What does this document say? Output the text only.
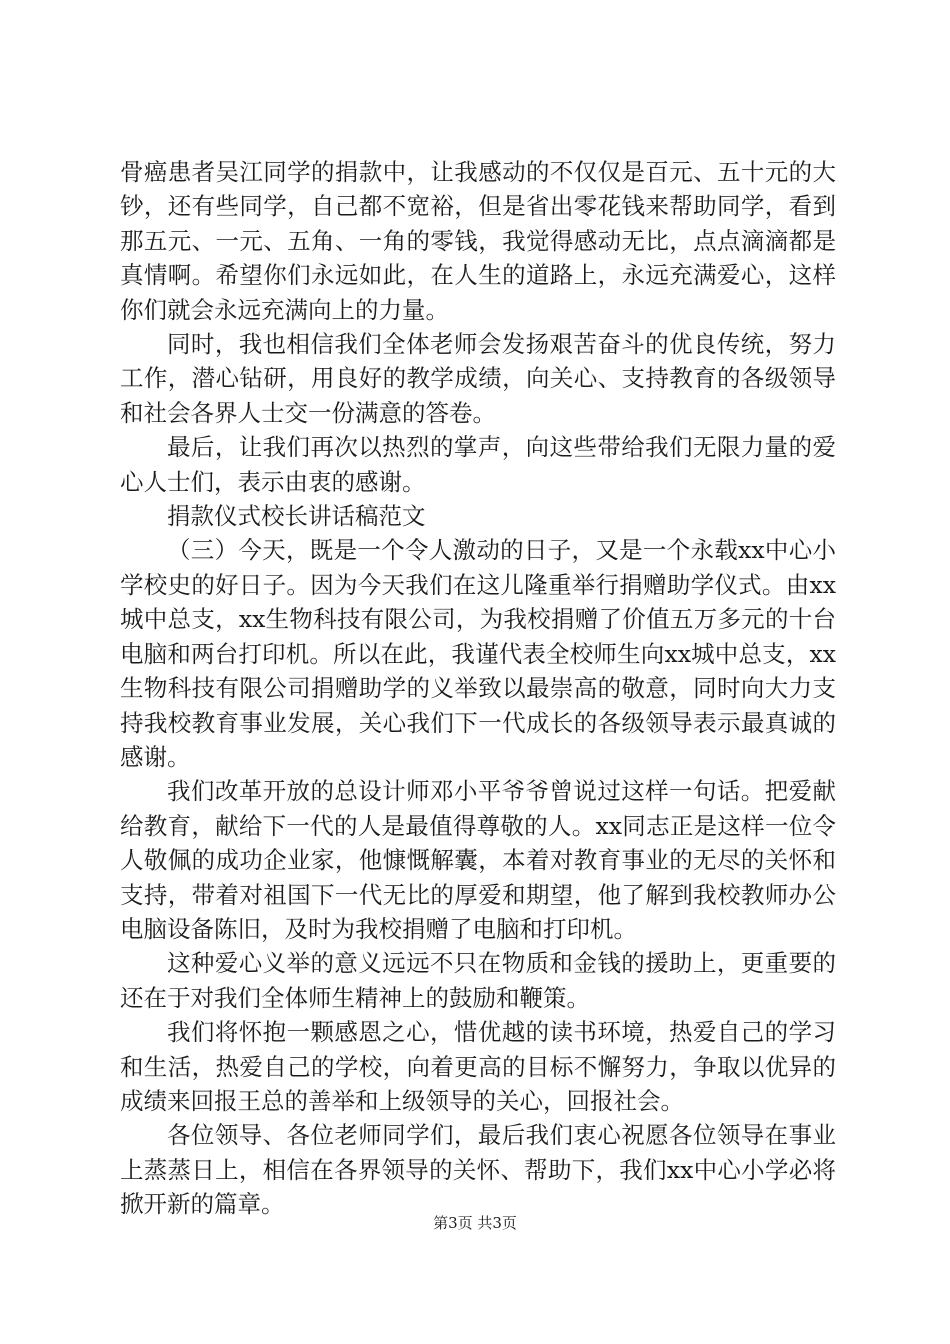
骨癌患者吴江同学的捐款中，让我感动的不仅仅是百元、五十元的大钞，还有些同学，自己都不宽裕，但是省出零花钱来帮助同学，看到那五元、一元、五角、一角的零钱，我觉得感动无比，点点滴滴都是真情啊。希望你们永远如此，在人生的道路上，永远充满爱心，这样你们就会永远充满向上的力量。

同时，我也相信我们全体老师会发扬艰苦奋斗的优良传统，努力工作，潜心钻研，用良好的教学成绩，向关心、支持教育的各级领导和社会各界人士交一份满意的答卷。

最后，让我们再次以热烈的掌声，向这些带给我们无限力量的爱心人士们，表示由衷的感谢。

捐款仪式校长讲话稿范文

（三）今天，既是一个令人激动的日子，又是一个永载xx中心小学校史的好日子。因为今天我们在这儿隆重举行捐赠助学仪式。由xx城中总支，xx生物科技有限公司，为我校捐赠了价值五万多元的十台电脑和两台打印机。所以在此，我谨代表全校师生向xx城中总支，xx生物科技有限公司捐赠助学的义举致以最崇高的敬意，同时向大力支持我校教育事业发展，关心我们下一代成长的各级领导表示最真诚的感谢。

我们改革开放的总设计师邓小平爷爷曾说过这样一句话。把爱献给教育，献给下一代的人是最值得尊敬的人。xx同志正是这样一位令人敬佩的成功企业家，他慷慨解囊，本着对教育事业的无尽的关怀和支持，带着对祖国下一代无比的厚爱和期望，他了解到我校教师办公电脑设备陈旧，及时为我校捐赠了电脑和打印机。

这种爱心义举的意义远远不只在物质和金钱的援助上，更重要的还在于对我们全体师生精神上的鼓励和鞭策。

我们将怀抱一颗感恩之心，惜优越的读书环境，热爱自己的学习和生活，热爱自己的学校，向着更高的目标不懈努力，争取以优异的成绩来回报王总的善举和上级领导的关心，回报社会。

各位领导、各位老师同学们，最后我们衷心祝愿各位领导在事业上蒸蒸日上，相信在各界领导的关怀、帮助下，我们xx中心小学必将掀开新的篇章。

第3页 共3页
